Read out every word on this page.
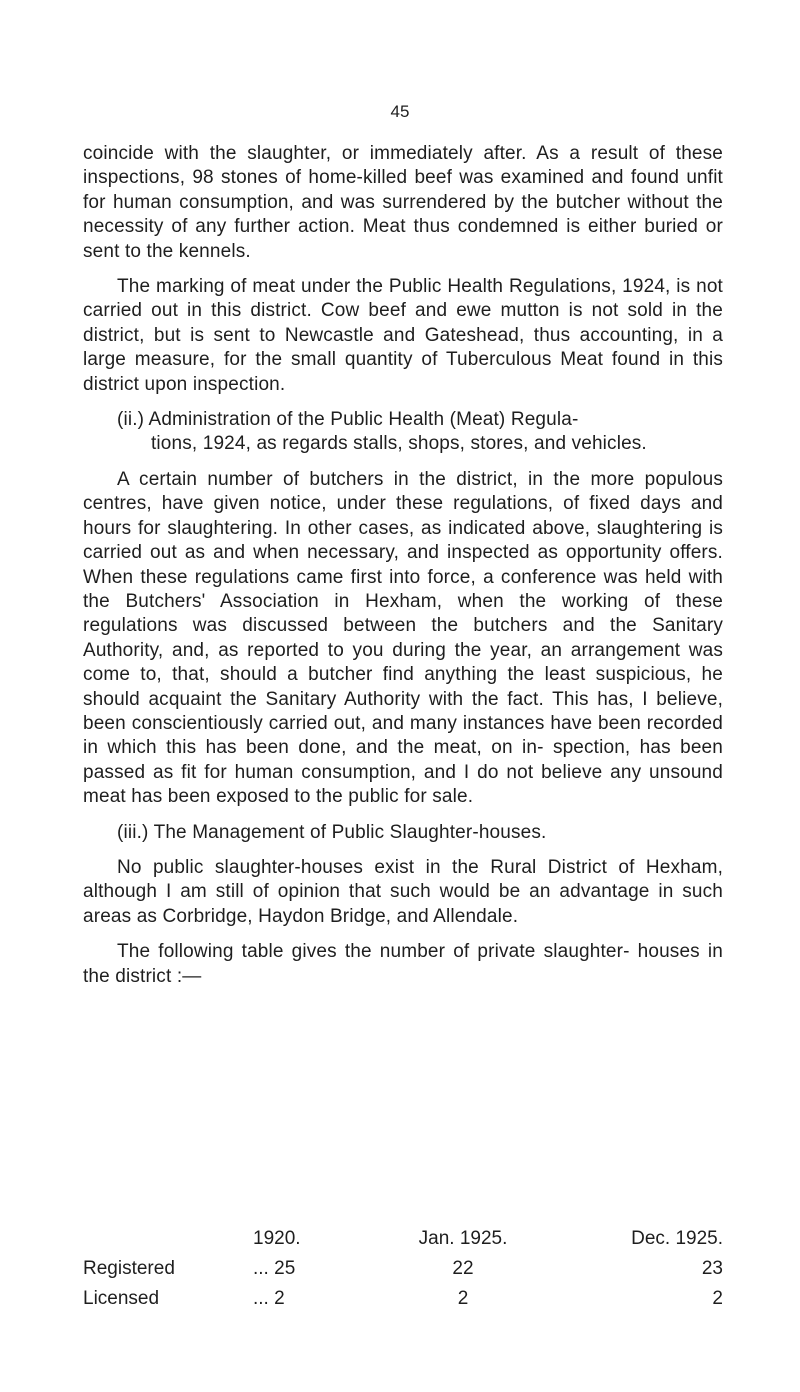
45

coincide with the slaughter, or immediately after. As a result of these inspections, 98 stones of home-killed beef was examined and found unfit for human consumption, and was surrendered by the butcher without the necessity of any further action. Meat thus condemned is either buried or sent to the kennels.

The marking of meat under the Public Health Regulations, 1924, is not carried out in this district. Cow beef and ewe mutton is not sold in the district, but is sent to Newcastle and Gateshead, thus accounting, in a large measure, for the small quantity of Tuberculous Meat found in this district upon inspection.

(ii.) Administration of the Public Health (Meat) Regula-
tions, 1924, as regards stalls, shops, stores, and vehicles.

A certain number of butchers in the district, in the more populous centres, have given notice, under these regulations, of fixed days and hours for slaughtering. In other cases, as indicated above, slaughtering is carried out as and when necessary, and inspected as opportunity offers. When these regulations came first into force, a conference was held with the Butchers' Association in Hexham, when the working of these regulations was discussed between the butchers and the Sanitary Authority, and, as reported to you during the year, an arrangement was come to, that, should a butcher find anything the least suspicious, he should acquaint the Sanitary Authority with the fact. This has, I believe, been conscientiously carried out, and many instances have been recorded in which this has been done, and the meat, on in- spection, has been passed as fit for human consumption, and I do not believe any unsound meat has been exposed to the public for sale.

(iii.) The Management of Public Slaughter-houses.

No public slaughter-houses exist in the Rural District of Hexham, although I am still of opinion that such would be an advantage in such areas as Corbridge, Haydon Bridge, and Allendale.

The following table gives the number of private slaughter- houses in the district :—

	1920.	Jan. 1925.	Dec. 1925.
Registered	... 25	22	23
Licensed	... 2	2	2
